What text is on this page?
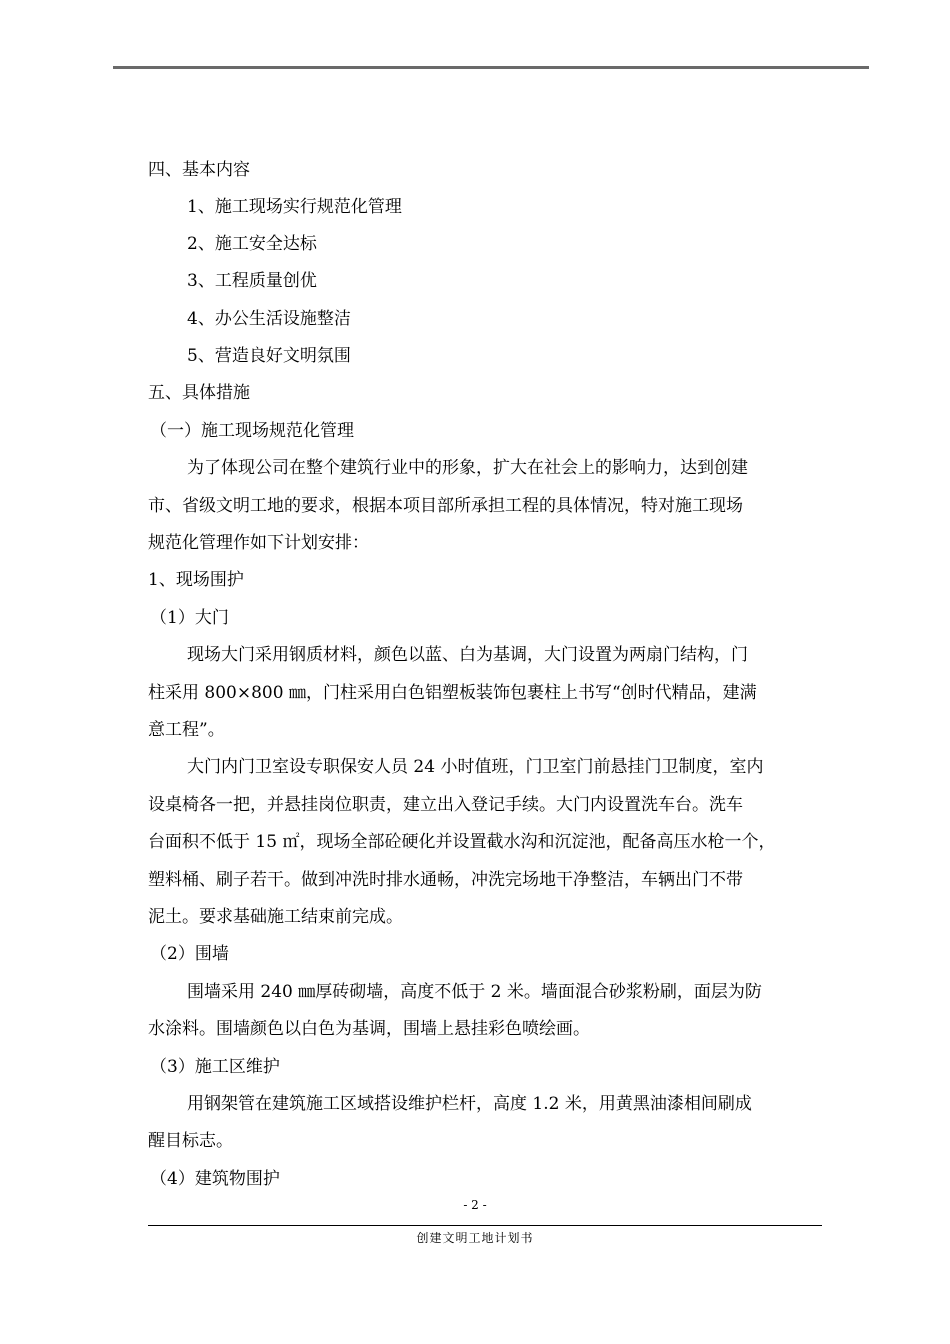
四、基本内容
1、施工现场实行规范化管理
2、施工安全达标
3、工程质量创优
4、办公生活设施整洁
5、营造良好文明氛围
五、具体措施
（一）施工现场规范化管理
为了体现公司在整个建筑行业中的形象，扩大在社会上的影响力，达到创建
市、省级文明工地的要求，根据本项目部所承担工程的具体情况，特对施工现场
规范化管理作如下计划安排：
1、现场围护
（1）大门
现场大门采用钢质材料，颜色以蓝、白为基调，大门设置为两扇门结构，门
柱采用 800×800 ㎜，门柱采用白色铝塑板装饰包裹柱上书写“创时代精品，建满
意工程”。
大门内门卫室设专职保安人员 24 小时值班，门卫室门前悬挂门卫制度，室内
设桌椅各一把，并悬挂岗位职责，建立出入登记手续。大门内设置洗车台。洗车
台面积不低于 15 ㎡，现场全部砼硬化并设置截水沟和沉淀池，配备高压水枪一个，
塑料桶、刷子若干。做到冲洗时排水通畅，冲洗完场地干净整洁，车辆出门不带
泥土。要求基础施工结束前完成。
（2）围墙
围墙采用 240 ㎜厚砖砌墙，高度不低于 2 米。墙面混合砂浆粉刷，面层为防
水涂料。围墙颜色以白色为基调，围墙上悬挂彩色喷绘画。
（3）施工区维护
用钢架管在建筑施工区域搭设维护栏杆，高度 1.2 米，用黄黑油漆相间刷成
醒目标志。
（4）建筑物围护
- 2 -
创建文明工地计划书
